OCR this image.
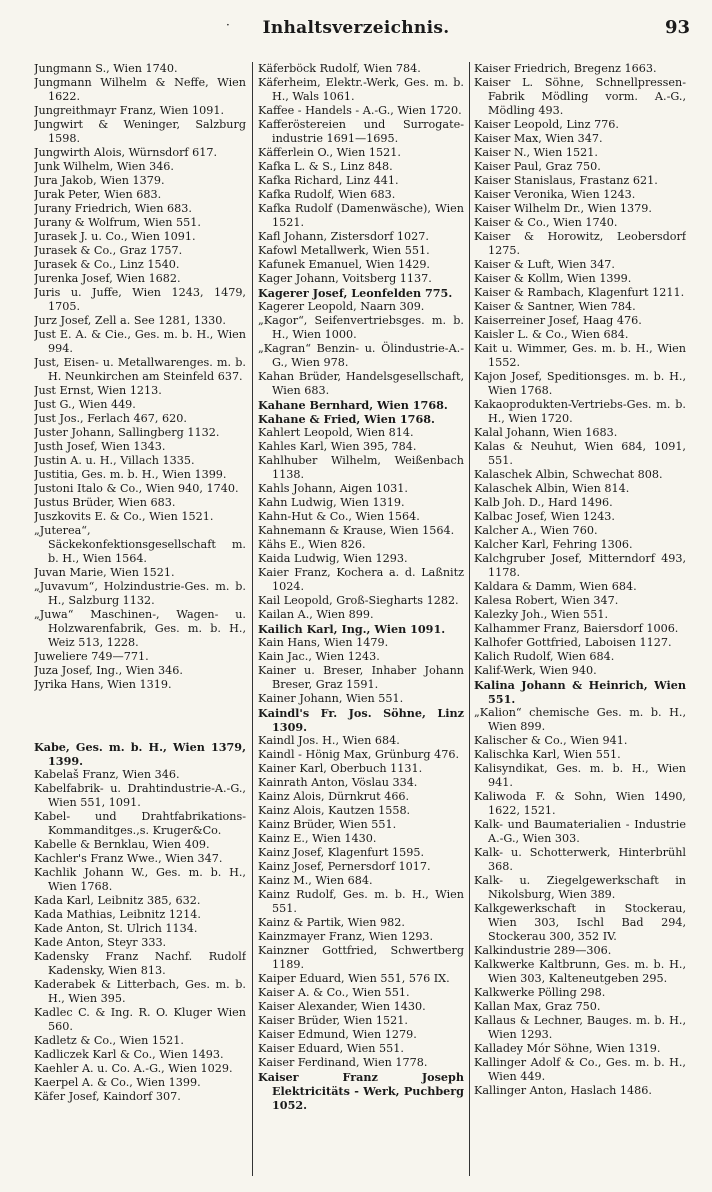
·	Inhaltsverzeichnis.	93

Jungmann S., Wien 1740.

Jungmann Wilhelm & Neffe, Wien 1622.

Jungreithmayr Franz, Wien 1091.

Jungwirt & Weninger, Salzburg 1598.

Jungwirth Alois, Würnsdorf 617.

Junk Wilhelm, Wien 346.

Jura Jakob, Wien 1379.

Jurak Peter, Wien 683.

Jurany Friedrich, Wien 683.

Jurany & Wolfrum, Wien 551.

Jurasek J. u. Co., Wien 1091.

Jurasek & Co., Graz 1757.

Jurasek & Co., Linz 1540.

Jurenka Josef, Wien 1682.

Juris u. Juffe, Wien 1243, 1479, 1705.

Jurz Josef, Zell a. See 1281, 1330.

Just E. A. & Cie., Ges. m. b. H., Wien 994.

Just, Eisen- u. Metallwarenges. m. b. H. Neunkirchen am Steinfeld 637.

Just Ernst, Wien 1213.

Just G., Wien 449.

Just Jos., Ferlach 467, 620.

Juster Johann, Sallingberg 1132.

Justh Josef, Wien 1343.

Justin A. u. H., Villach 1335.

Justitia, Ges. m. b. H., Wien 1399.

Justoni Italo & Co., Wien 940, 1740.

Justus Brüder, Wien 683.

Juszkovits E. & Co., Wien 1521.

„Juterea“, Säckekonfektionsgesellschaft m. b. H., Wien 1564.

Juvan Marie, Wien 1521.

„Juvavum“, Holzindustrie-Ges. m. b. H., Salzburg 1132.

„Juwa“ Maschinen-, Wagen- u. Holzwarenfabrik, Ges. m. b. H., Weiz 513, 1228.

Juweliere 749—771.

Juza Josef, Ing., Wien 346.

Jyrika Hans, Wien 1319.

Kabe, Ges. m. b. H., Wien 1379, 1399.

Kabelaš Franz, Wien 346.

Kabelfabrik- u. Drahtindustrie-A.-G., Wien 551, 1091.

Kabel- und Drahtfabrikations-Kommanditges.,s. Kruger&Co.

Kabelle & Bernklau, Wien 409.

Kachler's Franz Wwe., Wien 347.

Kachlik Johann W., Ges. m. b. H., Wien 1768.

Kada Karl, Leibnitz 385, 632.

Kada Mathias, Leibnitz 1214.

Kade Anton, St. Ulrich 1134.

Kade Anton, Steyr 333.

Kadensky Franz Nachf. Rudolf Kadensky, Wien 813.

Kaderabek & Litterbach, Ges. m. b. H., Wien 395.

Kadlec C. & Ing. R. O. Kluger Wien 560.

Kadletz & Co., Wien 1521.

Kadliczek Karl & Co., Wien 1493.

Kaehler A. u. Co. A.-G., Wien 1029.

Kaerpel A. & Co., Wien 1399.

Käfer Josef, Kaindorf 307.

Käferböck Rudolf, Wien 784.

Käferheim, Elektr.-Werk, Ges. m. b. H., Wals 1061.

Kaffee - Handels - A.-G., Wien 1720.

Kafferöstereien und Surrogate-industrie 1691—1695.

Käfferlein O., Wien 1521.

Kafka L. & S., Linz 848.

Kafka Richard, Linz 441.

Kafka Rudolf, Wien 683.

Kafka Rudolf (Damenwäsche), Wien 1521.

Kafl Johann, Zistersdorf 1027.

Kafowl Metallwerk, Wien 551.

Kafunek Emanuel, Wien 1429.

Kager Johann, Voitsberg 1137.

Kagerer Josef, Leonfelden 775.

Kagerer Leopold, Naarn 309.

„Kagor“, Seifenvertriebsges. m. b. H., Wien 1000.

„Kagran“ Benzin- u. Ölindustrie-A.-G., Wien 978.

Kahan Brüder, Handelsgesellschaft, Wien 683.

Kahane Bernhard, Wien 1768.

Kahane & Fried, Wien 1768.

Kahlert Leopold, Wien 814.

Kahles Karl, Wien 395, 784.

Kahlhuber Wilhelm, Weißenbach 1138.

Kahls Johann, Aigen 1031.

Kahn Ludwig, Wien 1319.

Kahn-Hut & Co., Wien 1564.

Kahnemann & Krause, Wien 1564.

Kähs E., Wien 826.

Kaida Ludwig, Wien 1293.

Kaier Franz, Kochera a. d. Laßnitz 1024.

Kail Leopold, Groß-Siegharts 1282.

Kailan A., Wien 899.

Kailich Karl, Ing., Wien 1091.

Kain Hans, Wien 1479.

Kain Jac., Wien 1243.

Kainer u. Breser, Inhaber Johann Breser, Graz 1591.

Kainer Johann, Wien 551.

Kaindl's Fr. Jos. Söhne, Linz 1309.

Kaindl Jos. H., Wien 684.

Kaindl - Hönig Max, Grünburg 476.

Kainer Karl, Oberbuch 1131.

Kainrath Anton, Vöslau 334.

Kainz Alois, Dürnkrut 466.

Kainz Alois, Kautzen 1558.

Kainz Brüder, Wien 551.

Kainz E., Wien 1430.

Kainz Josef, Klagenfurt 1595.

Kainz Josef, Pernersdorf 1017.

Kainz M., Wien 684.

Kainz Rudolf, Ges. m. b. H., Wien 551.

Kainz & Partik, Wien 982.

Kainzmayer Franz, Wien 1293.

Kainzner Gottfried, Schwertberg 1189.

Kaiper Eduard, Wien 551, 576 IX.

Kaiser A. & Co., Wien 551.

Kaiser Alexander, Wien 1430.

Kaiser Brüder, Wien 1521.

Kaiser Edmund, Wien 1279.

Kaiser Eduard, Wien 551.

Kaiser Ferdinand, Wien 1778.

Kaiser Franz Joseph Elektricitäts - Werk, Puchberg 1052.

Kaiser Friedrich, Bregenz 1663.

Kaiser L. Söhne, Schnellpressen-Fabrik Mödling vorm. A.-G., Mödling 493.

Kaiser Leopold, Linz 776.

Kaiser Max, Wien 347.

Kaiser N., Wien 1521.

Kaiser Paul, Graz 750.

Kaiser Stanislaus, Frastanz 621.

Kaiser Veronika, Wien 1243.

Kaiser Wilhelm Dr., Wien 1379.

Kaiser & Co., Wien 1740.

Kaiser & Horowitz, Leobersdorf 1275.

Kaiser & Luft, Wien 347.

Kaiser & Kollm, Wien 1399.

Kaiser & Rambach, Klagenfurt 1211.

Kaiser & Santner, Wien 784.

Kaiserreiner Josef, Haag 476.

Kaisler L. & Co., Wien 684.

Kait u. Wimmer, Ges. m. b. H., Wien 1552.

Kajon Josef, Speditionsges. m. b. H., Wien 1768.

Kakaoprodukten-Vertriebs-Ges. m. b. H., Wien 1720.

Kalal Johann, Wien 1683.

Kalas & Neuhut, Wien 684, 1091, 551.

Kalaschek Albin, Schwechat 808.

Kalaschek Albin, Wien 814.

Kalb Joh. D., Hard 1496.

Kalbac Josef, Wien 1243.

Kalcher A., Wien 760.

Kalcher Karl, Fehring 1306.

Kalchgruber Josef, Mitterndorf 493, 1178.

Kaldara & Damm, Wien 684.

Kalesa Robert, Wien 347.

Kalezky Joh., Wien 551.

Kalhammer Franz, Baiersdorf 1006.

Kalhofer Gottfried, Laboisen 1127.

Kalich Rudolf, Wien 684.

Kalif-Werk, Wien 940.

Kalina Johann & Heinrich, Wien 551.

„Kalion“ chemische Ges. m. b. H., Wien 899.

Kalischer & Co., Wien 941.

Kalischka Karl, Wien 551.

Kalisyndikat, Ges. m. b. H., Wien 941.

Kaliwoda F. & Sohn, Wien 1490, 1622, 1521.

Kalk- und Baumaterialien - Industrie A.-G., Wien 303.

Kalk- u. Schotterwerk, Hinterbrühl 368.

Kalk- u. Ziegelgewerkschaft in Nikolsburg, Wien 389.

Kalkgewerkschaft in Stockerau, Wien 303, Ischl Bad 294, Stockerau 300, 352 IV.

Kalkindustrie 289—306.

Kalkwerke Kaltbrunn, Ges. m. b. H., Wien 303, Kalteneutgeben 295.

Kalkwerke Pölling 298.

Kallan Max, Graz 750.

Kallaus & Lechner, Bauges. m. b. H., Wien 1293.

Kalladey Mór Söhne, Wien 1319.

Kallinger Adolf & Co., Ges. m. b. H., Wien 449.

Kallinger Anton, Haslach 1486.
